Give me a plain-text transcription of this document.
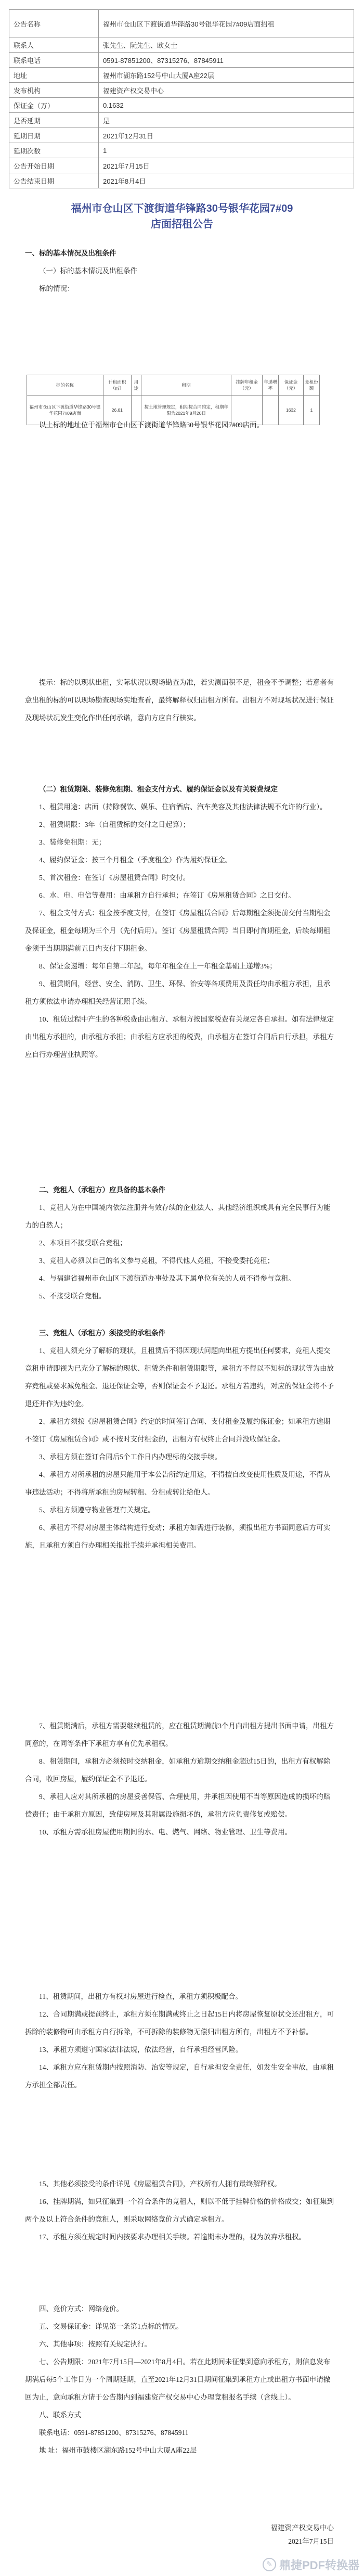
公告名称	福州市仓山区下渡街道华锋路30号银华花园7#09店面招租
联系人	张先生、阮先生、欧女士
联系电话	0591-87851200、87315276、87845911
地址	福州市湖东路152号中山大厦A座22层
发布机构	福建资产权交易中心
保证金（万）	0.1632
是否延期	是
延期日期	2021年12月31日
延期次数	1
公告开始日期	2021年7月15日
公告结束日期	2021年8月4日
福州市仓山区下渡街道华锋路30号银华花园7#09
店面招租公告

一、标的基本情况及出租条件

（一）标的基本情况及出租条件

标的情况：

标的名称	计租面积（㎡）	用途	租期	挂牌年租金（元）	年递增率	保证金（元）	竞租份额
福州市仓山区下渡街道华锋路30号银华花园7#09店面	26.61		按土地管理规定，租期按合同约定，租期年限为2021年8月20日			1632	1

以上标的地址位于福州市仓山区下渡街道华锋路30号银华花园7#09店面。

提示：标的以现状出租，实际状况以现场勘查为准，若实测面积不足，租金不予调整；若意者有意出租的标的可以现场勘查现场实地查看，最终解释权归出租方所有。出租方不对现场状况进行保证及现场状况发生变化作出任何承诺，意向方应自行核实。

（二）租赁期限、装修免租期、租金支付方式、履约保证金以及有关税费规定

1、租赁用途：店面（持除餐饮、娱乐、住宿酒店、汽车美容及其他法律法规不允许的行业）。

2、租赁期限：3年（自租赁标的交付之日起算）；

3、装修免租期：无；

4、履约保证金：按三个月租金（季度租金）作为履约保证金。

5、首次租金：在签订《房屋租赁合同》时交付。

6、水、电、电信等费用：由承租方自行承担；在签订《房屋租赁合同》之日交付。

7、租金支付方式：租金按季度支付，在签订《房屋租赁合同》后每期租金须提前交付当期租金及保证金，租金每期为三个月（先付后用）。签订《房屋租赁合同》当日即付首期租金，后续每期租金须于当期期满前五日内支付下期租金。

8、保证金递增：每年自第二年起，每年年租金在上一年租金基础上递增3%；

9、租赁期间，经营、安全、消防、卫生、环保、治安等各项费用及责任均由承租方承担，且承租方须依法申请办理相关经营证照手续。

10、租赁过程中产生的各种税费由出租方、承租方按国家税费有关规定各自承担。如有法律规定由出租方承担的，由承租方承担；由承租方应承担的税费，由承租方在签订合同后自行承担，承租方应自行办理营业执照等。

二、竞租人（承租方）应具备的基本条件

1、竞租人为在中国境内依法注册并有效存续的企业法人、其他经济组织或具有完全民事行为能力的自然人；

2、本项目不接受联合竞租；

3、竞租人必须以自己的名义参与竞租，不得代他人竞租，不接受委托竞租；

4、与福建省福州市仓山区下渡街道办事处及其下属单位有关的人员不得参与竞租。

5、不接受联合竞租。

三、竞租人（承租方）须接受的承租条件

1、竞租人须充分了解标的现状，且租赁后不得因现状问题向出租方提出任何要求，竞租人提交竞租申请即视为已充分了解标的现状、租赁条件和租赁期限等，承租方不得以不知标的现状等为由放弃竞租或要求减免租金、退还保证金等，否则保证金不予退还。承租方若违约，对应的保证金将不予退还并作为违约金。

2、承租方须按《房屋租赁合同》约定的时间签订合同、支付租金及履约保证金；如承租方逾期不签订《房屋租赁合同》或不按时支付租金的，出租方有权终止合同并没收保证金。

3、承租方须在签订合同后5个工作日内办理标的交接手续。

4、承租方对所承租的房屋只能用于本公告所约定用途，不得擅自改变使用性质及用途，不得从事违法活动；不得将所承租的房屋转租、分租或转让给他人。

5、承租方须遵守物业管理有关规定。

6、承租方不得对房屋主体结构进行变动；承租方如需进行装修，须报出租方书面同意后方可实施，且承租方须自行办理相关报批手续并承担相关费用。

7、租赁期满后，承租方需要继续租赁的，应在租赁期满前3个月向出租方提出书面申请，出租方同意的，在同等条件下承租方享有优先承租权。

8、租赁期间，承租方必须按时交纳租金，如承租方逾期交纳租金超过15日的，出租方有权解除合同，收回房屋，履约保证金不予退还。

9、承租人应对其所承租的房屋妥善保管、合理使用，并承担因使用不当等原因造成的损坏的赔偿责任；由于承租方原因，致使房屋及其附属设施损坏的，承租方应负责修复或赔偿。

10、承租方需承担房屋使用期间的水、电、燃气、网络、物业管理、卫生等费用。

11、租赁期间，出租方有权对房屋进行检查，承租方须积极配合。

12、合同期满或提前终止，承租方须在期满或终止之日起15日内将房屋恢复原状交还出租方，可拆除的装修物可由承租方自行拆除，不可拆除的装修物无偿归出租方所有，出租方不予补偿。

13、承租方须遵守国家法律法规，依法经营，自行承担经营风险。

14、承租方应在租赁期内按照消防、治安等规定，自行承担安全责任，如发生安全事故，由承租方承担全部责任。

15、其他必须接受的条件详见《房屋租赁合同》，产权所有人拥有最终解释权。

16、挂牌期满，如只征集到一个符合条件的竞租人，则以不低于挂牌价格的价格成交；如征集到两个及以上符合条件的竞租人，则采取网络竞价方式确定承租方。

17、承租方须在规定时间内按要求办理相关手续。若逾期未办理的，视为放弃承租权。

四、竞价方式：网络竞价。

五、交易保证金：详见第一条第1点标的情况。

六、其他事项：按照有关规定执行。

七、公告期限：2021年7月15日—2021年8月4日。若在此期间未征集到意向承租方，则信息发布期满后每5个工作日为一个周期延期，直至2021年12月31日期间征集到承租方止或出租方书面申请撤回为止，意向承租方请于公告期内到福建资产权交易中心办理竞租报名手续（含线上）。

八、联系方式

联系电话：0591-87851200、87315276、87845911

地 址：福州市鼓楼区湖东路152号中山大厦A座22层

福建资产权交易中心
2021年7月15日
✎ 鼎捷PDF转换器
